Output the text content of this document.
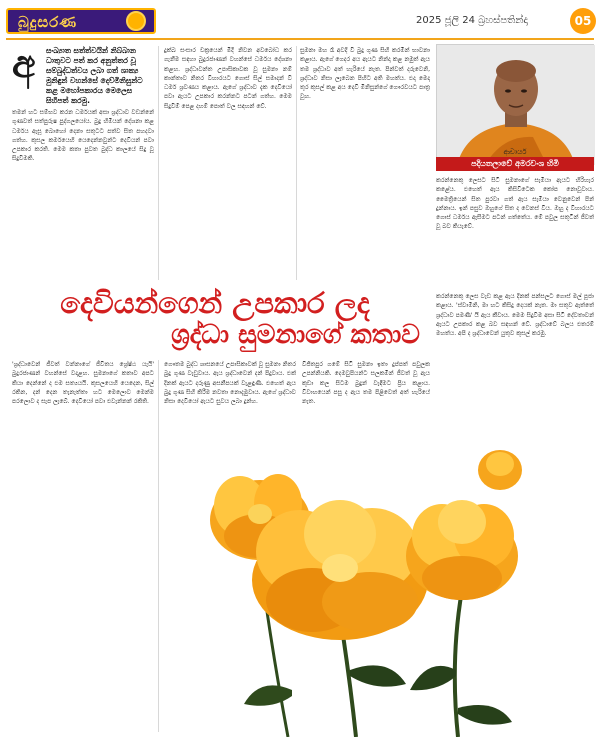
බුදුසරණ	2025 ජූලි 24 බ්‍රහස්පතින්දා	05
අ	සංඛ්‍යාත සත්ත්වයින් නිබ්බාන ධාතුවට පත් කර අනුත්තර වූ සම්බුද්ධත්වය ලබා ගත් ශාක්‍ය මුනිඳුන් වහන්සේ දෙව්මිනිසුන්ට කළ මහෝපකාරය මෙලෙස සිහිපත් කරමු.
තමන් හට සම්භව කරන ධර්මයක් අසා ශ්‍රද්ධාව වඩන්නේ ගුණවත් සත්පුරුෂ පුද්ගලයෝය. බුදු හිමියන් දේශනා කළ ධර්මය ඇසූ බොහෝ දෙනා සතුටට පත්ව සිත පහදවා ගත්හ. කුසල කර්මයෙහි යෙදෙන්නවුන්ට දෙවියන් පවා උපකාර කරති. මෙම කතා පුවත බුද්ධ කාලයේ සිදු වූ සිදුවීමකි.
දුක්ඛ සංසාර චක්‍රයෙන් මිදී නිවන අවබෝධ කර ගැනීම සඳහා බුදුරජාණන් වහන්සේ ධර්මය දේශනා කළහ. ශ්‍රද්ධාවන්ත උපාසිකාවක වූ සුමනා නම් කාන්තාව නිතර විහාරයට ගොස් සිල් සමාදන් වී ධර්ම ශ්‍රවණය කළාය. ඇගේ ශ්‍රද්ධාව දැක දෙවියෝ පවා ඇයට උපකාර කරන්නට පටන් ගත්හ. මෙම සිදුවීම් පෙළ දහම් පොත් වල සඳහන් වේ.
සුමනා මහ රෑ අවදි වී බුදු ගුණ සිහි කරමින් භාවනා කළාය. ඇගේ ගෙදර අය ඇයට නින්දා කළ නමුත් ඇය තම ශ්‍රද්ධාව අත් හැරියේ නැත. පින්වත් දරුවෙනි, ශ්‍රද්ධාව නිසා ලැබෙන පිහිට අති මහත්ය. එදා මෙදා තුර කුසල් කළ අය දෙවි මිනිසුන්ගේ ගෞරවයට පාත්‍ර වූහ.
ආචාර්ය
පදියතලාවේ අමරවංශ හිමි
කරන්නෙකු ලෙසට සිටි සුමනාගේ සැමියා ඇයට හිරිහැර කළේය. එහෙත් ඇය කිසිවිටෙක කෝප නොවූවාය. මෛත්‍රියෙන් සිත පුරවා ගත් ඇය සැමියා වෙනුවෙන් පින් දුන්නාය. ඉන් පසුව ඔහුගේ සිත ද වෙනස් විය. ඔහු ද විහාරයට ගොස් ධර්මය ඇසීමට පටන් ගත්තේය. මේ පවුල සතුටින් ජීවත් වූ බව කියැවේ.
දෙවියන්ගෙන් උපකාර ලද
ශ්‍රද්ධා සුමනාගේ කතාව
'ශ්‍රද්ධාවෙන් ජීවත් වන්නාගේ ජීවිතය ශ්‍රේෂ්ඨ යැයි' බුදුරජාණන් වහන්සේ වදාළහ. සුමනාගේ කතාව අපට කියා දෙන්නේ ද එම සත්‍යයයි. කුසලයෙහි යෙදෙන, සිල් රකින, දන් දෙන තැනැත්තා හට මෙලොව මෙන්ම පරලොව ද සැප ලැබේ. දෙවියෝ පවා එවැන්නන් රකිති.
ගෞතම බුද්ධ ශාසනයේ උපාසිකාවක් වූ සුමනා නිතර බුදු ගුණ වැඩුවාය. ඇය ශ්‍රද්ධාවෙන් දන් පිදුවාය. එක් දිනක් ඇයට දරුණු අසනීපයක් වැළඳුණි. එහෙත් ඇය බුදු ගුණ සිහි කිරීම නවතා නොදැමුවාය. ඇගේ ශ්‍රද්ධාව නිසා දෙවියෝ ඇයට සුවය ලබා දුන්හ.
විජිතපුර ගමේ සිටි සුමනා ඉතා දුප්පත් පවුලක උපන්නියකි. දෙමවුපියන්ට සලකමින් ජීවත් වූ ඇය කුඩා කල සිටම බුදුන් වැඳීමට ප්‍රිය කළාය. විවාහයෙන් පසු ද ඇය තම පිළිවෙත් අත් හැරියේ නැත.
කරන්නෙකු ලෙස වැඩ කළ ඇය දිනක් පන්සලට ගොස් මල් පූජා කළාය. 'ස්වාමීනි, මා හට කිසිදු දෙයක් නැත. මා සතුව ඇත්තේ ශ්‍රද්ධාව පමණි' යි ඇය කීවාය. මෙම සිදුවීම අසා සිටි දේවතාවන් ඇයට උපකාර කළ බව සඳහන් වේ. ශ්‍රද්ධාවේ බලය එතරම් මහත්ය. අපි ද ශ්‍රද්ධාවෙන් යුතුව කුසල් කරමු.
